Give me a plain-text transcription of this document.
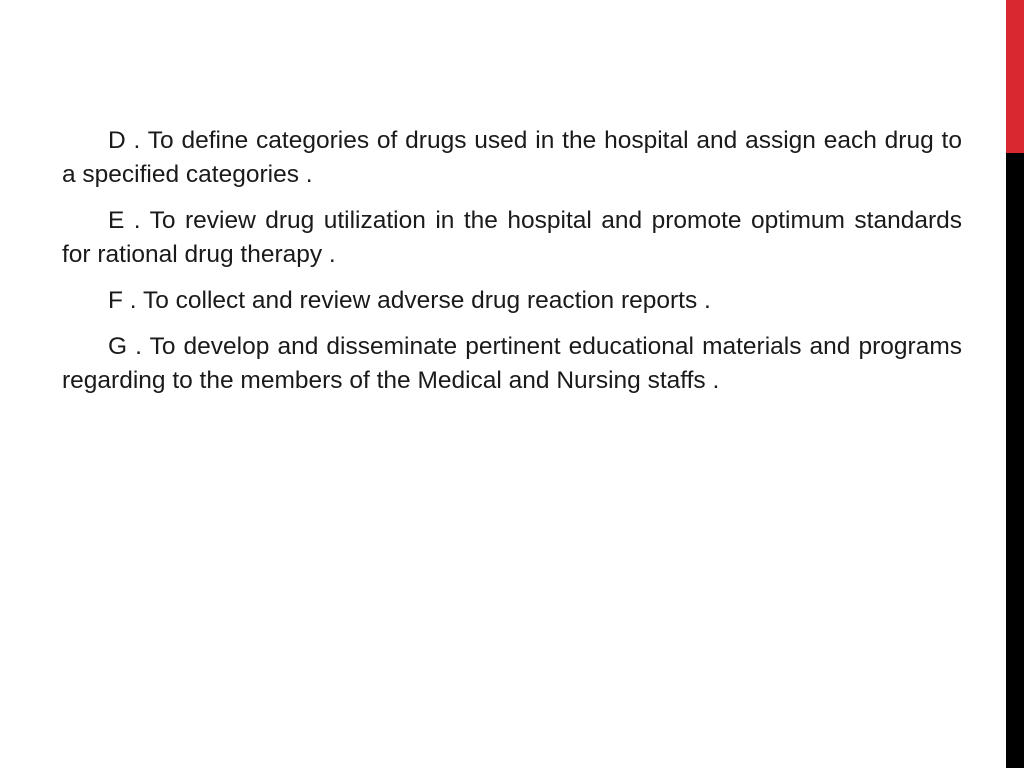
D . To define categories of drugs used in the hospital and assign each drug to a specified categories .

E . To review drug utilization in the hospital and promote optimum standards for rational drug therapy .

F . To collect and review adverse drug reaction reports .

G . To develop and disseminate pertinent educational materials and programs regarding to the members of the Medical and Nursing staffs .
